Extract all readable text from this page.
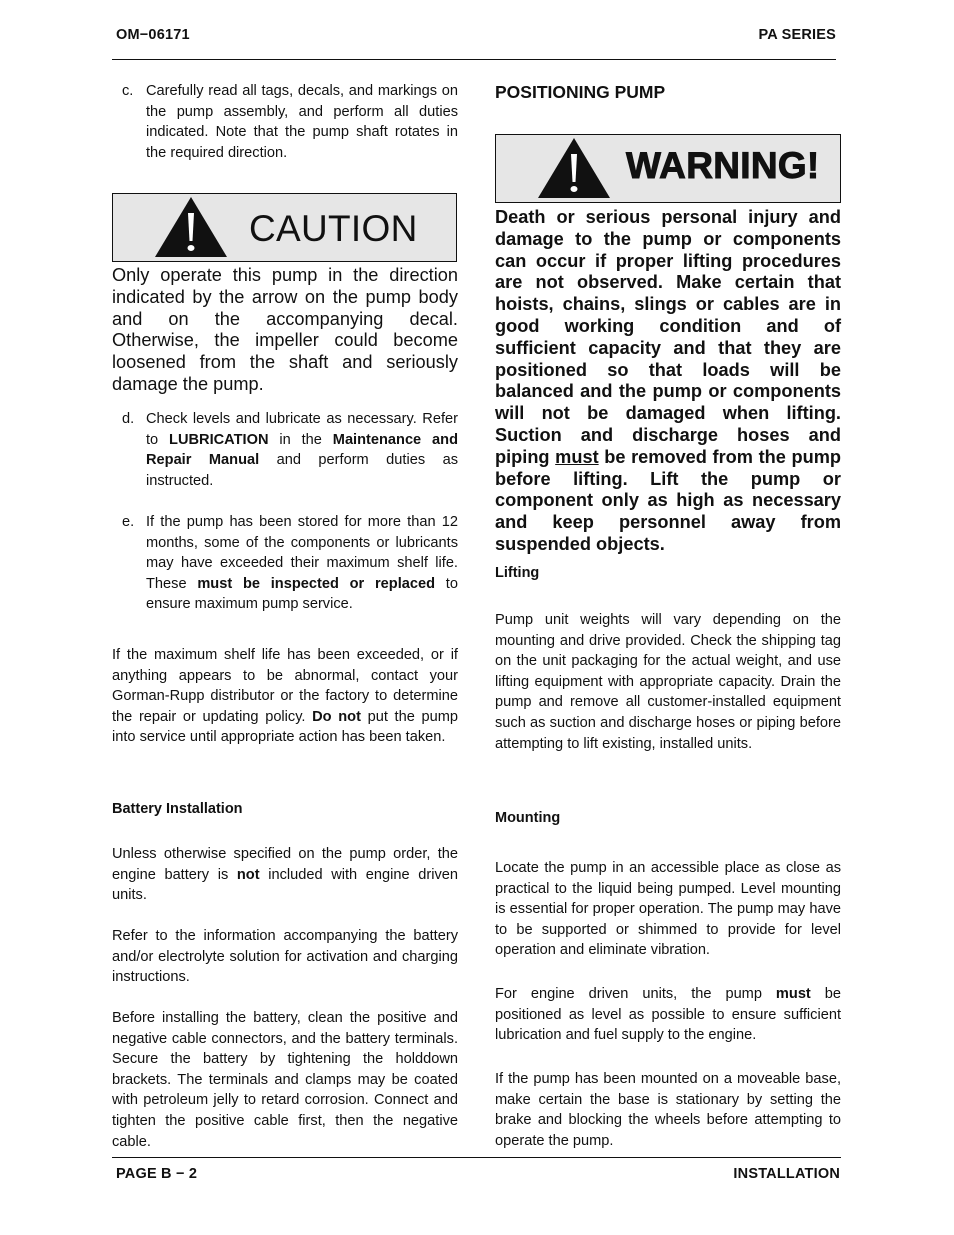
OM−06171	PA SERIES
c. Carefully read all tags, decals, and markings on the pump assembly, and perform all duties indicated. Note that the pump shaft rotates in the required direction.

CAUTION

Only operate this pump in the direction indicated by the arrow on the pump body and on the accompanying decal. Otherwise, the impeller could become loosened from the shaft and seriously damage the pump.

d. Check levels and lubricate as necessary. Refer to LUBRICATION in the Maintenance and Repair Manual and perform duties as instructed.

e. If the pump has been stored for more than 12 months, some of the components or lubricants may have exceeded their maximum shelf life. These must be inspected or replaced to ensure maximum pump service.

If the maximum shelf life has been exceeded, or if anything appears to be abnormal, contact your Gorman-Rupp distributor or the factory to determine the repair or updating policy. Do not put the pump into service until appropriate action has been taken.

Battery Installation

Unless otherwise specified on the pump order, the engine battery is not included with engine driven units.

Refer to the information accompanying the battery and/or electrolyte solution for activation and charging instructions.

Before installing the battery, clean the positive and negative cable connectors, and the battery terminals. Secure the battery by tightening the holddown brackets. The terminals and clamps may be coated with petroleum jelly to retard corrosion. Connect and tighten the positive cable first, then the negative cable.

POSITIONING PUMP
WARNING!

Death or serious personal injury and damage to the pump or components can occur if proper lifting procedures are not observed. Make certain that hoists, chains, slings or cables are in good working condition and of sufficient capacity and that they are positioned so that loads will be balanced and the pump or components will not be damaged when lifting. Suction and discharge hoses and piping must be removed from the pump before lifting. Lift the pump or component only as high as necessary and keep personnel away from suspended objects.

Lifting

Pump unit weights will vary depending on the mounting and drive provided. Check the shipping tag on the unit packaging for the actual weight, and use lifting equipment with appropriate capacity. Drain the pump and remove all customer-installed equipment such as suction and discharge hoses or piping before attempting to lift existing, installed units.

Mounting

Locate the pump in an accessible place as close as practical to the liquid being pumped. Level mounting is essential for proper operation. The pump may have to be supported or shimmed to provide for level operation and eliminate vibration.

For engine driven units, the pump must be positioned as level as possible to ensure sufficient lubrication and fuel supply to the engine.

If the pump has been mounted on a moveable base, make certain the base is stationary by setting the brake and blocking the wheels before attempting to operate the pump.

PAGE B − 2	INSTALLATION
